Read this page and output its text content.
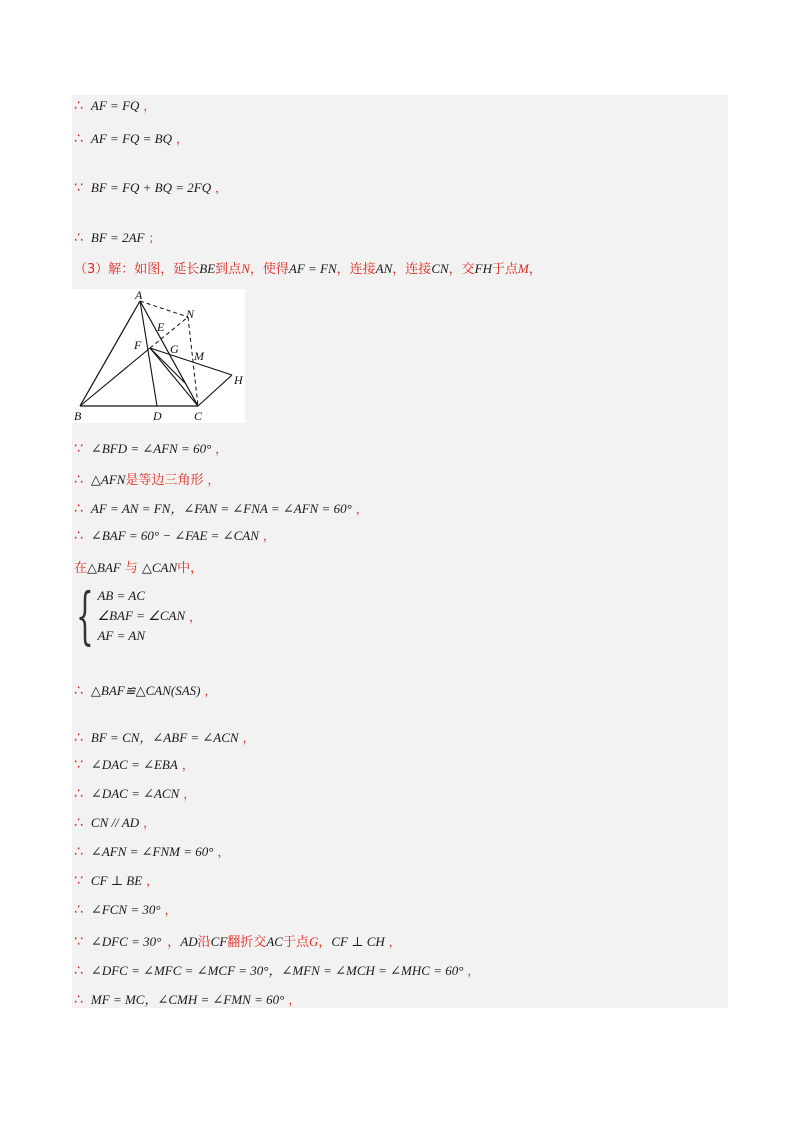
∴ AF = FQ ，
∴ AF = FQ = BQ ，
∵ BF = FQ + BQ = 2FQ ，
∴ BF = 2AF ；
（3）解：如图，延长 BE 到点 N ，使得 AF = FN ，连接 AN ，连接 CN ，交 FH 于点 M ，
A
N
E
F G M
H
B	D	C
∵ ∠BFD = ∠AFN = 60° ，
∴ △AFN 是等边三角形 ，
∴ AF = AN = FN，∠FAN = ∠FNA = ∠AFN = 60° ，
∴ ∠BAF = 60° − ∠FAE = ∠CAN ，
在 △BAF 与 △CAN 中，
{ AB = AC
∠BAF = ∠CAN
AF = AN
，
∴ △BAF≌△CAN(SAS) ，
∴ BF = CN，∠ABF = ∠ACN ，
∵ ∠DAC = ∠EBA ，
∴ ∠DAC = ∠ACN ，
∴ CN // AD ，
∴ ∠AFN = ∠FNM = 60° ，
∵ CF ⊥ BE ，
∴ ∠FCN = 30° ，
∵ ∠DFC = 30° ， AD 沿 CF 翻折交 AC 于点 G ， CF ⊥ CH ，
∴ ∠DFC = ∠MFC = ∠MCF = 30°，∠MFN = ∠MCH = ∠MHC = 60° ，
∴ MF = MC，∠CMH = ∠FMN = 60° ，
